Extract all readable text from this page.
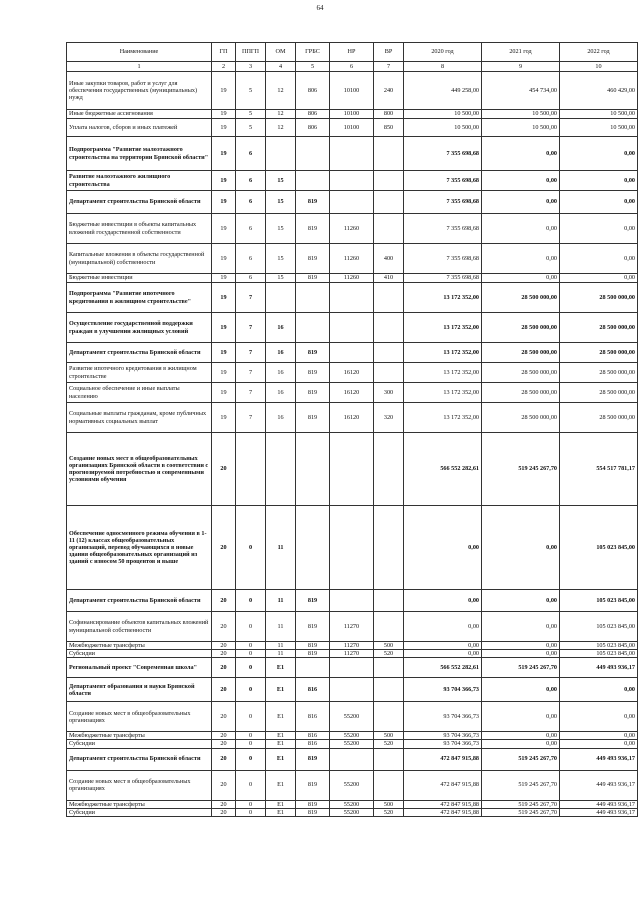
64
Наименование	ГП	ППГП	ОМ	ГРБС	НР	ВР	2020 год	2021 год	2022 год
1	2	3	4	5	6	7	8	9	10
Иные закупки товаров, работ и услуг для обеспечения государственных (муниципальных) нужд	19	5	12	806	10100	240	449 258,00	454 734,00	460 429,00
Иные бюджетные ассигнования	19	5	12	806	10100	800	10 500,00	10 500,00	10 500,00
Уплата налогов, сборов и иных платежей	19	5	12	806	10100	850	10 500,00	10 500,00	10 500,00
Подпрограмма "Развитие малоэтажного строительства на территории Брянской области"	19	6					7 355 698,68	0,00	0,00
Развитие малоэтажного жилищного строительства	19	6	15				7 355 698,68	0,00	0,00
Департамент строительства Брянской области	19	6	15	819			7 355 698,68	0,00	0,00
Бюджетные инвестиции в объекты капитальных вложений государственной собственности	19	6	15	819	11260		7 355 698,68	0,00	0,00
Капитальные вложения в объекты государственной (муниципальной) собственности	19	6	15	819	11260	400	7 355 698,68	0,00	0,00
Бюджетные инвестиции	19	6	15	819	11260	410	7 355 698,68	0,00	0,00
Подпрограмма "Развитие ипотечного кредитования в жилищном строительстве"	19	7					13 172 352,00	28 500 000,00	28 500 000,00
Осуществление государственной поддержки граждан в улучшении жилищных условий	19	7	16				13 172 352,00	28 500 000,00	28 500 000,00
Департамент строительства Брянской области	19	7	16	819			13 172 352,00	28 500 000,00	28 500 000,00
Развитие ипотечного кредитования в жилищном строительстве	19	7	16	819	16120		13 172 352,00	28 500 000,00	28 500 000,00
Социальное обеспечение и иные выплаты населению	19	7	16	819	16120	300	13 172 352,00	28 500 000,00	28 500 000,00
Социальные выплаты гражданам, кроме публичных нормативных социальных выплат	19	7	16	819	16120	320	13 172 352,00	28 500 000,00	28 500 000,00
Создание новых мест в общеобразовательных организациях Брянской области в соответствии с прогнозируемой потребностью и современными условиями обучения	20						566 552 282,61	519 245 267,70	554 517 781,17
Обеспечение односменного режима обучения в 1-11 (12) классах общеобразовательных организаций, перевод обучающихся в новые здания общеобразовательных организаций из зданий с износом 50 процентов и выше	20	0	11				0,00	0,00	105 023 845,00
Департамент строительства Брянской области	20	0	11	819			0,00	0,00	105 023 845,00
Софинансирование объектов капитальных вложений муниципальной собственности	20	0	11	819	11270		0,00	0,00	105 023 845,00
Межбюджетные трансферты	20	0	11	819	11270	500	0,00	0,00	105 023 845,00
Субсидии	20	0	11	819	11270	520	0,00	0,00	105 023 845,00
Региональный проект "Современная школа"	20	0	E1				566 552 282,61	519 245 267,70	449 493 936,17
Департамент образования и науки Брянской области	20	0	E1	816			93 704 366,73	0,00	0,00
Создание новых мест в общеобразовательных организациях	20	0	E1	816	55200		93 704 366,73	0,00	0,00
Межбюджетные трансферты	20	0	E1	816	55200	500	93 704 366,73	0,00	0,00
Субсидии	20	0	E1	816	55200	520	93 704 366,73	0,00	0,00
Департамент строительства Брянской области	20	0	E1	819			472 847 915,88	519 245 267,70	449 493 936,17
Создание новых мест в общеобразовательных организациях	20	0	E1	819	55200		472 847 915,88	519 245 267,70	449 493 936,17
Межбюджетные трансферты	20	0	E1	819	55200	500	472 847 915,88	519 245 267,70	449 493 936,17
Субсидии	20	0	E1	819	55200	520	472 847 915,88	519 245 267,70	449 493 936,17
